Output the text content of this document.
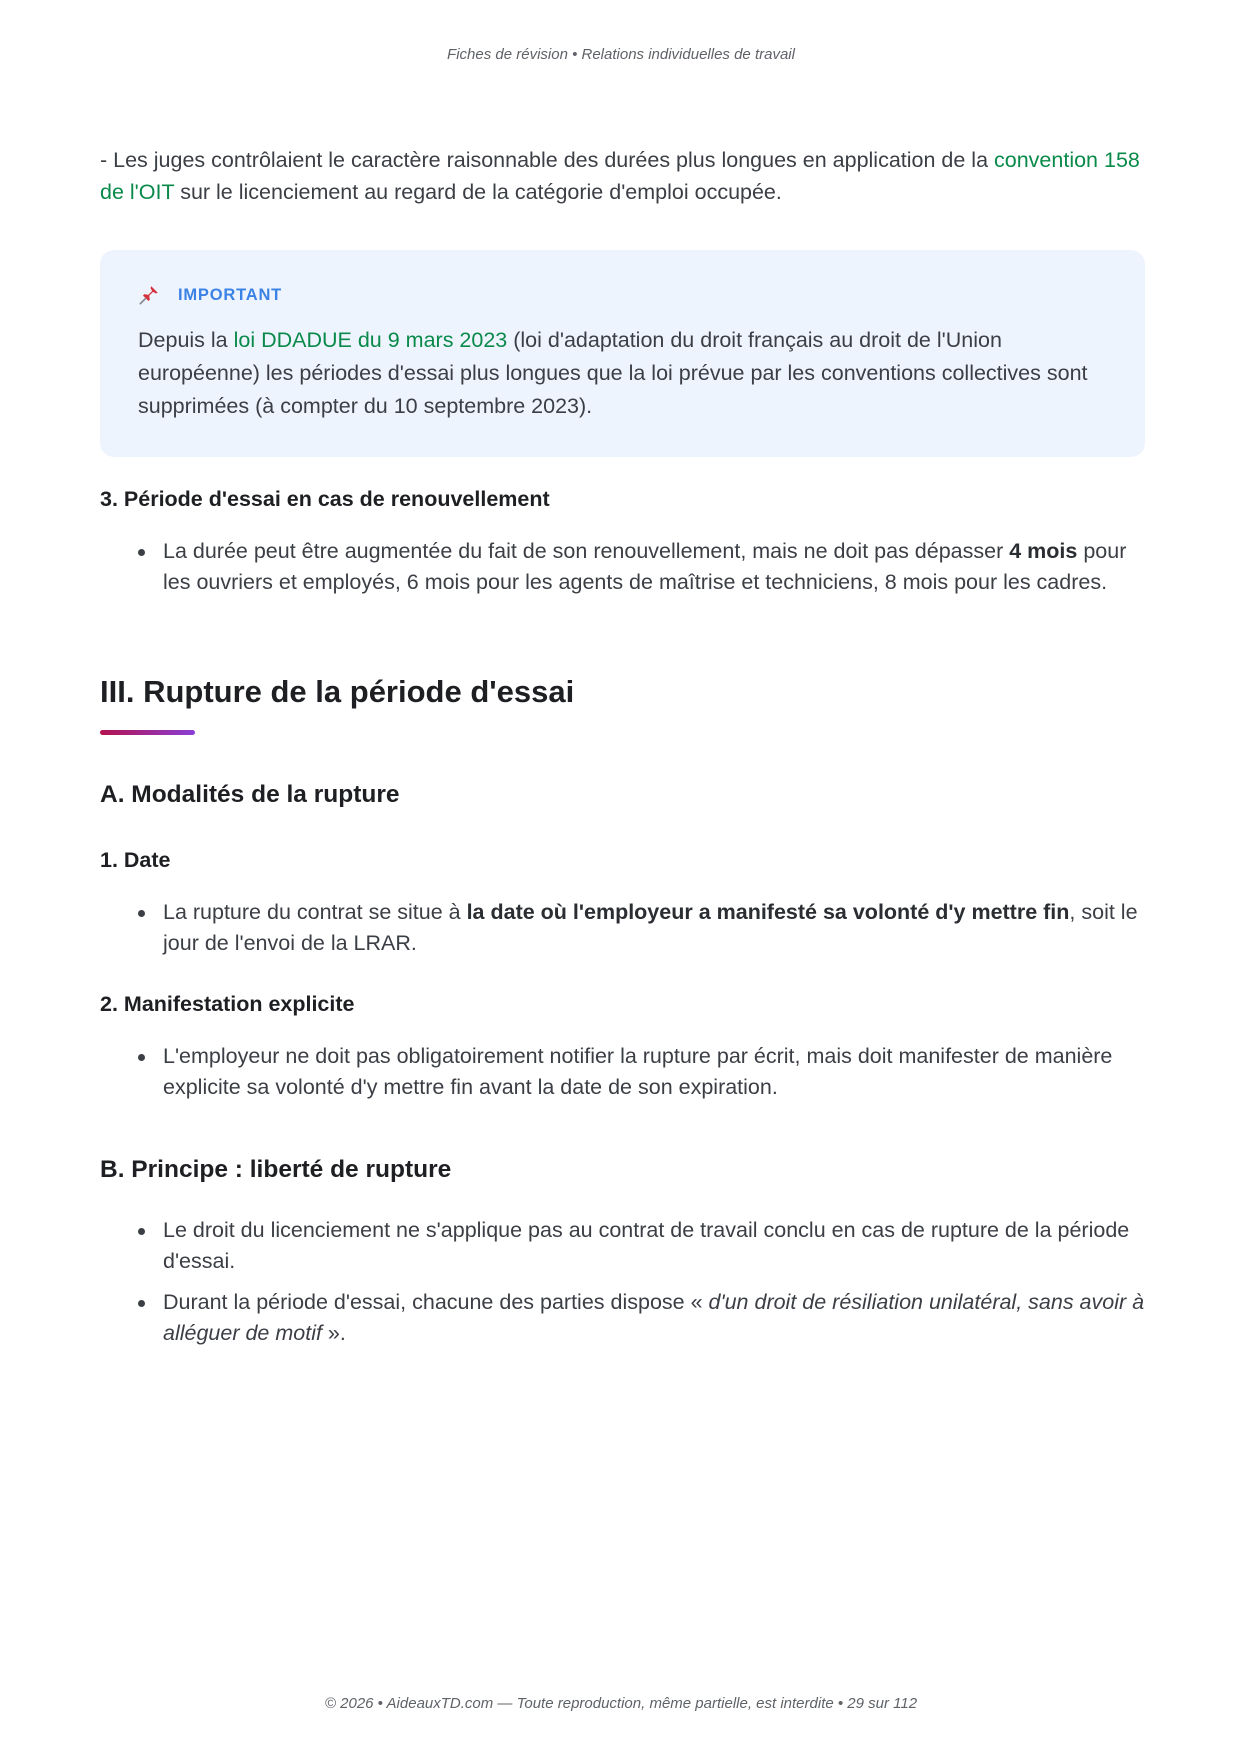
Fiches de révision • Relations individuelles de travail

- Les juges contrôlaient le caractère raisonnable des durées plus longues en application de la convention 158 de l'OIT sur le licenciement au regard de la catégorie d'emploi occupée.

IMPORTANT

Depuis la loi DDADUE du 9 mars 2023 (loi d'adaptation du droit français au droit de l'Union européenne) les périodes d'essai plus longues que la loi prévue par les conventions collectives sont supprimées (à compter du 10 septembre 2023).

3. Période d'essai en cas de renouvellement
La durée peut être augmentée du fait de son renouvellement, mais ne doit pas dépasser 4 mois pour les ouvriers et employés, 6 mois pour les agents de maîtrise et techniciens, 8 mois pour les cadres.
III. Rupture de la période d'essai
A. Modalités de la rupture
1. Date
La rupture du contrat se situe à la date où l'employeur a manifesté sa volonté d'y mettre fin, soit le jour de l'envoi de la LRAR.
2. Manifestation explicite
L'employeur ne doit pas obligatoirement notifier la rupture par écrit, mais doit manifester de manière explicite sa volonté d'y mettre fin avant la date de son expiration.
B. Principe : liberté de rupture
Le droit du licenciement ne s'applique pas au contrat de travail conclu en cas de rupture de la période d'essai.
Durant la période d'essai, chacune des parties dispose « d'un droit de résiliation unilatéral, sans avoir à alléguer de motif ».
© 2026 • AideauxTD.com — Toute reproduction, même partielle, est interdite • 29 sur 112
